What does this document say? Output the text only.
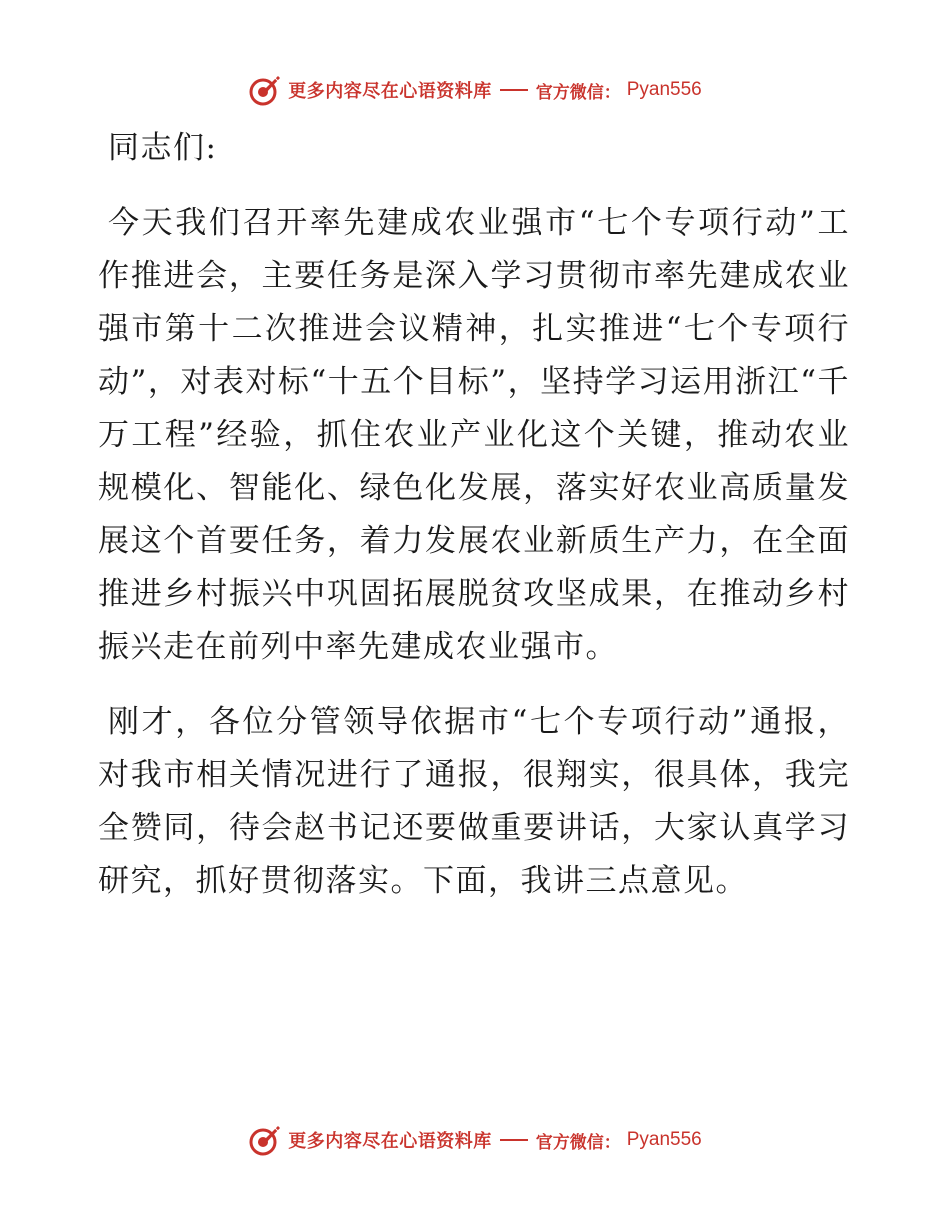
更多内容尽在心语资料库	官方微信： Pyan556

同志们:

今天我们召开率先建成农业强市“七个专项行动”工作推进会，主要任务是深入学习贯彻市率先建成农业强市第十二次推进会议精神，扎实推进“七个专项行动”，对表对标“十五个目标”，坚持学习运用浙江“千万工程”经验，抓住农业产业化这个关键，推动农业规模化、智能化、绿色化发展，落实好农业高质量发展这个首要任务，着力发展农业新质生产力，在全面推进乡村振兴中巩固拓展脱贫攻坚成果，在推动乡村振兴走在前列中率先建成农业强市。

刚才，各位分管领导依据市“七个专项行动”通报，对我市相关情况进行了通报，很翔实，很具体，我完全赞同，待会赵书记还要做重要讲话，大家认真学习研究，抓好贯彻落实。下面，我讲三点意见。

更多内容尽在心语资料库	官方微信： Pyan556
